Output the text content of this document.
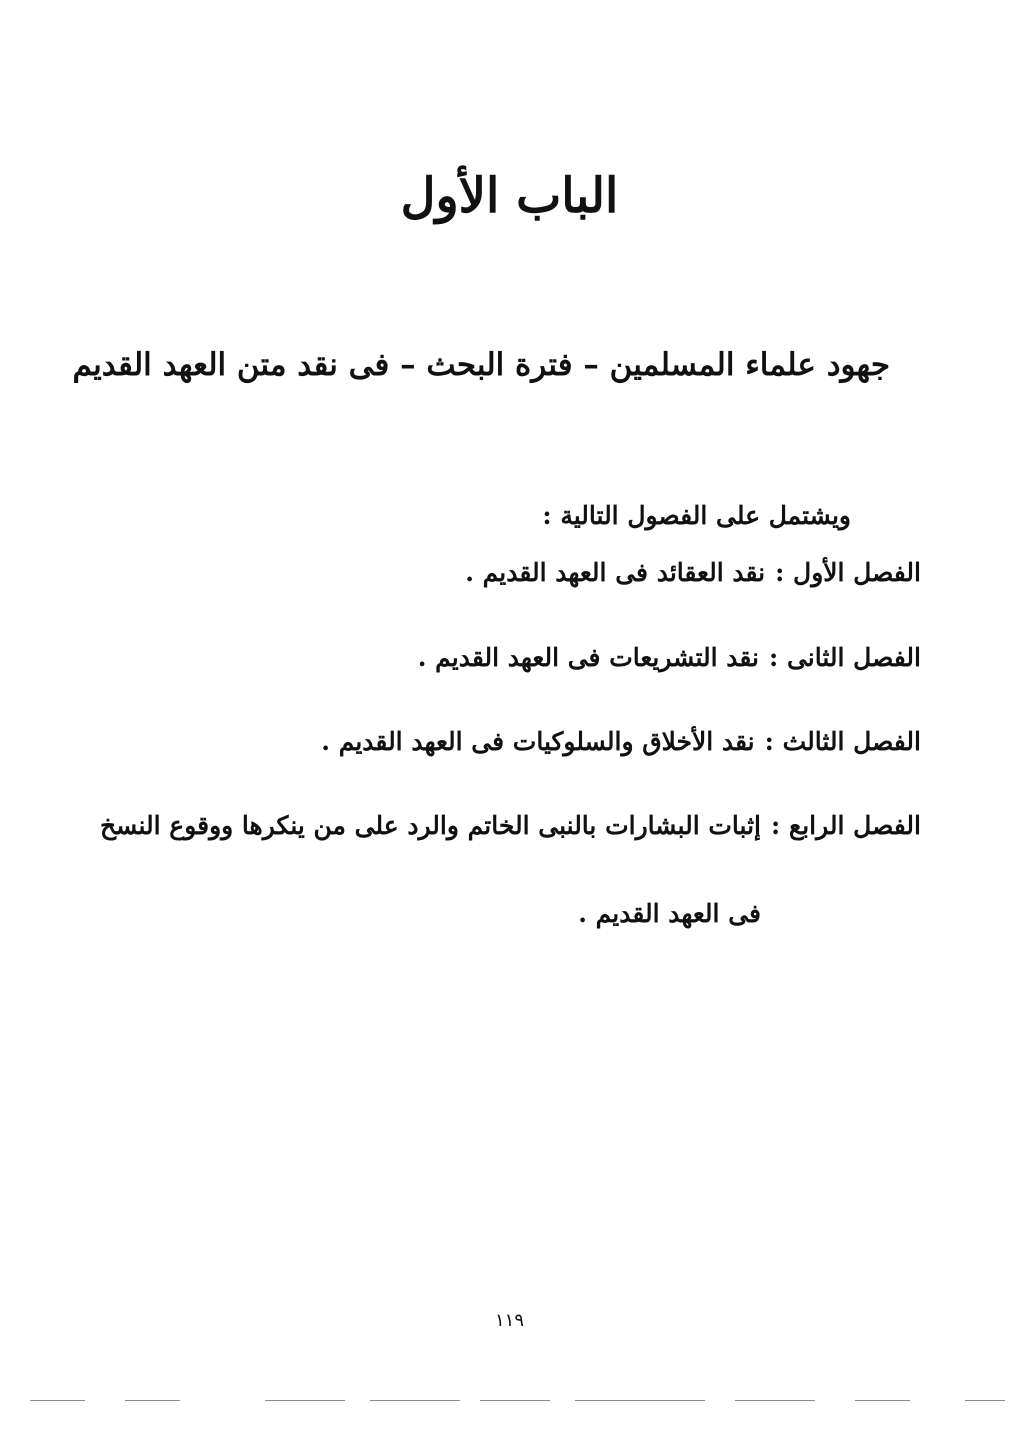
الباب الأول
جهود علماء المسلمين – فترة البحث – فى نقد متن العهد القديم
ويشتمل على الفصول التالية :
الفصل الأول :نقد العقائد فى العهد القديم .
الفصل الثانى :نقد التشريعات فى العهد القديم .
الفصل الثالث :نقد الأخلاق والسلوكيات فى العهد القديم .
الفصل الرابع :إثبات البشارات بالنبى الخاتم والرد على من ينكرها ووقوع النسخ
فى العهد القديم .
١١٩
